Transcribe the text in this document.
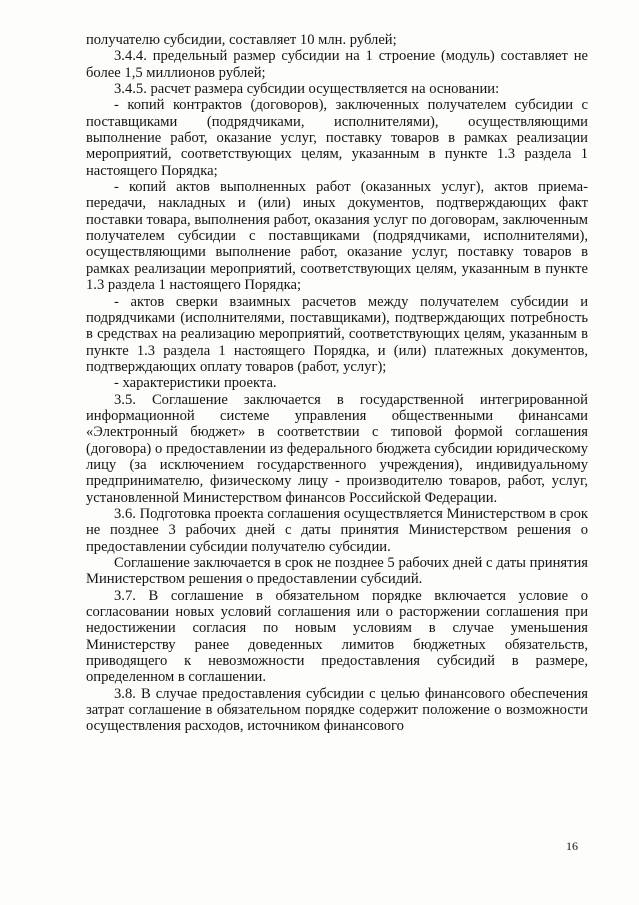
получателю субсидии, составляет 10 млн. рублей;

3.4.4. предельный размер субсидии на 1 строение (модуль) составляет не более 1,5 миллионов рублей;

3.4.5. расчет размера субсидии осуществляется на основании:

- копий контрактов (договоров), заключенных получателем субсидии с поставщиками (подрядчиками, исполнителями), осуществляющими выполнение работ, оказание услуг, поставку товаров в рамках реализации мероприятий, соответствующих целям, указанным в пункте 1.3 раздела 1 настоящего Порядка;

- копий актов выполненных работ (оказанных услуг), актов приема-передачи, накладных и (или) иных документов, подтверждающих факт поставки товара, выполнения работ, оказания услуг по договорам, заключенным получателем субсидии с поставщиками (подрядчиками, исполнителями), осуществляющими выполнение работ, оказание услуг, поставку товаров в рамках реализации мероприятий, соответствующих целям, указанным в пункте 1.3 раздела 1 настоящего Порядка;

- актов сверки взаимных расчетов между получателем субсидии и подрядчиками (исполнителями, поставщиками), подтверждающих потребность в средствах на реализацию мероприятий, соответствующих целям, указанным в пункте 1.3 раздела 1 настоящего Порядка, и (или) платежных документов, подтверждающих оплату товаров (работ, услуг);

- характеристики проекта.

3.5. Соглашение заключается в государственной интегрированной информационной системе управления общественными финансами «Электронный бюджет» в соответствии с типовой формой соглашения (договора) о предоставлении из федерального бюджета субсидии юридическому лицу (за исключением государственного учреждения), индивидуальному предпринимателю, физическому лицу - производителю товаров, работ, услуг, установленной Министерством финансов Российской Федерации.

3.6. Подготовка проекта соглашения осуществляется Министерством в срок не позднее 3 рабочих дней с даты принятия Министерством решения о предоставлении субсидии получателю субсидии.

Соглашение заключается в срок не позднее 5 рабочих дней с даты принятия Министерством решения о предоставлении субсидий.

3.7. В соглашение в обязательном порядке включается условие о согласовании новых условий соглашения или о расторжении соглашения при недостижении согласия по новым условиям в случае уменьшения Министерству ранее доведенных лимитов бюджетных обязательств, приводящего к невозможности предоставления субсидий в размере, определенном в соглашении.

3.8. В случае предоставления субсидии с целью финансового обеспечения затрат соглашение в обязательном порядке содержит положение о возможности осуществления расходов, источником финансового

16
